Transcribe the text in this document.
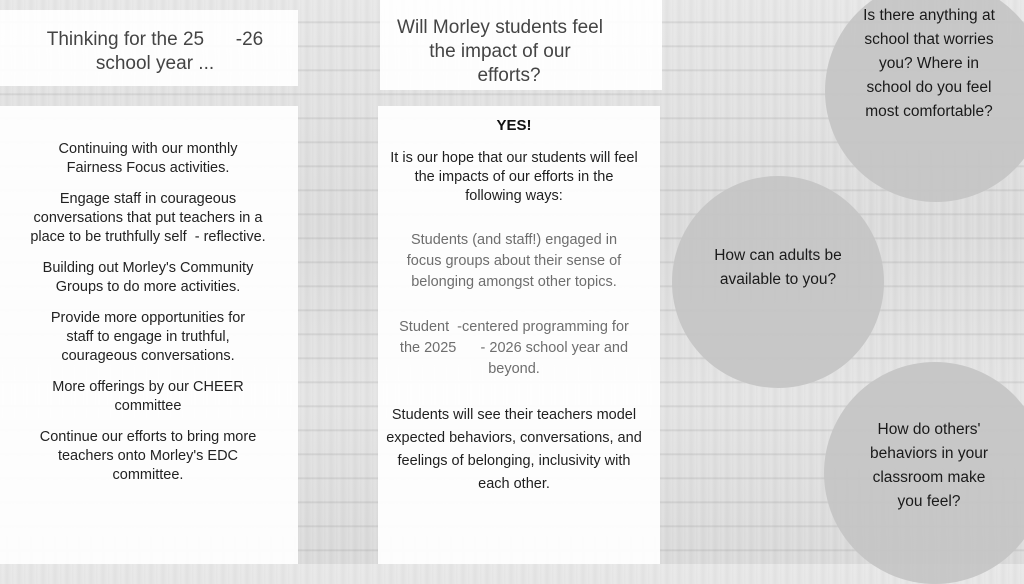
Thinking for the 25      -26
school year ...

Continuing with our monthly Fairness Focus activities.

Engage staff in courageous conversations that put teachers in a place to be truthfully self  - reflective.

Building out Morley's Community Groups to do more activities.

Provide more opportunities for staff to engage in truthful, courageous conversations.

More offerings by our CHEER committee

Continue our efforts to bring more teachers onto Morley's EDC committee.

Will Morley students feel
the impact of our
efforts?

YES!

It is our hope that our students will feel the impacts of our efforts in the following ways:

Students (and staff!) engaged in focus groups about their sense of belonging amongst other topics.

Student  -centered programming for the 2025      - 2026 school year and beyond.

Students will see their teachers model expected behaviors, conversations, and feelings of belonging, inclusivity with each other.

Is there anything at school that worries you? Where in school do you feel most comfortable?
How can adults be available to you?
How do others' behaviors in your classroom make you feel?
